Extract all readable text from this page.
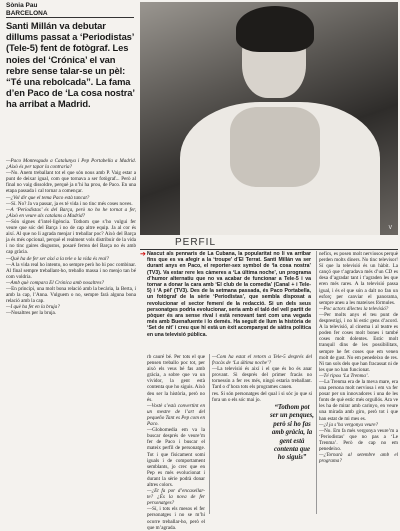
Sònia Pau
BARCELONA
Santi Millán va debutar dillums passat a ‘Periodistas’ (Tele-5) fent de fotògraf. Les noies del ‘Crónica’ el van rebre sense talar-se un pèl: “Té una rebolcada”. La fama d’en Paco de ‘La cosa nostra’ ha arribat a Madrid.

—Paco Montesgudo a Catalunya i Pep Portabella a Madrid. ¿Això és per tapar la contraria?

—No. Anem treballant tot el que són nous amb P. Vaig estar a punt de deixar igual, com que tornava a ser fotògraf... Però al final no vaig dissoldre, perquè ja n’hi ha prou, de Paco. En una etapa passada i cal tornar a començar.

—¿Vol dir que el tema Paco està tancat?

—Sí. No? Ja va passar, ja es té vida i no tinc més coses noves.

—A ‘Periodistas’ és del Barça, però no ho he tornat a fer, ¿Això en veure als catalans a Madrid?

—Són signes d’intel·ligència. Tothom que s’ho vulgui fer veure que sóc del Barça i no de cap altre equip. Ja al cor és així. Al que no li agrada menjar i treballar poc? Això del Barça ja és més opcional, perquè el realment vols distribuir de la vida i no tinc gaires disgustos, posaré ferrea del Barça no és amb cap gràcia.

—Què ha de fer ser així a la tele o la vida és real?

—A la vida real ho intento, no sempre però ho hi poc combinar. Al final sempre treballant-ho, treballo massa i no menjo tan bé com voldria.

—Amb què compara El Crónica amb nosaltres?

—En principi, una molt bona relació amb la becària, la Berta, i amb la cap, l’Anna. Vulguem o no, sempre farà alguna bona relació amb la cap.

—I què ha fet en la bruja?

—Nosaltres per la bruja.

V
PERFIL
➔ Nascut als pennaris de La Cubana, la popularitat no li va arribar fins que es va afegir a la ‘troupe’ d’El Terrat. Santi Millán va ser durant anys en Paco, el reporter-sex symbol de ‘la cosa nostra’ (TV3). Va estar rere les càmeres a ‘La última noche’, un programa d’humor alternatiu que no va acabar de funcionar a Tele-5 i va tornar a donar la cara amb ‘El club de la comedia’ (Canal + i Tele-5) i ‘A pèl’ (TV3). Des de la setmana passada, és Paco Portabella, un fotògraf de la sèrie ‘Periodistas’, que sembla disposat a revolucionar el sector femení de la redacció. Si un dels seus personatges podria evolucionar, seria amb el taló del vell partit de pòquer és ara sense rival i està renovant tant com una vegada més amb Buenafuente i lo demés. Ha seguit de llum la història de ‘Set de nit’ i creu que hi està un èxit acompanyat de sàtira política en una televisió pública.

rb cauré bé. Per tots el que pensen treballo poc tot, per això els veus bé fas amb gràcia, a sobre que va un vividor, la gent està contenta que ho siguis. Això deu ser la història, però no és.

—Vostè s’està convertint en un mestre de l’art del pequeño Tant es Pep com en Paco.

—Globomedia em va la buscar després de veure’m fer de Paco i buscar el mateix perfil de personatge. Tot i que físicament somi iguals i de comportament semblants, jo crec que en Pep es més evolucionat i durant la sèrie podrà donar altres colors.

—¿Et fa por d’encasellar-te? ¿És la nova de fer personatges?

—Sí, i tots els mesos el fer personatges i no se m’hi ocorre treballar-ho, però el que m’agrada.

—Com ha estat el retorn a Tele-5 després del fracàs de ‘La última noche’?

—La televisió és així i el que és bo és anar provant. Si després del primer fracàs no tornessin a fer res més, ningú estaria treballant. Tard o d’hora tots els programes cauen.

res. Si són personatges del qual i si sóc jo que si fora un o els sóc mai jo.

“Tothom pot ser un penques, però si ho fas amb gràcia, la gent està contenta que ho siguis”

nefics, es posen molt nerviosos perquè perden molts diners. No tinc televisor! Sí que la televisió és un hàbit. La cançó que t’agradava més d’un CD es desa d’agradar tant i t’agraden les que eren més rares. A la televisió passa igual, i és el que són a dalt no fan un esforç per canviar el panorama, sempre aneu a les mateixes fórmules.

—Poc actors dilectes la televisió?

—Per molts anys el teu punt de desprestigi, i no hi estic gens d’acord. A la televisió, al cinema i al teatre es poden fer coses molt bones i també coses molt dolentes. Estic molt tranquil dins de les possibilitats, sempre he fet coses que em venen molt de gust. No em penedeixo de res. Ni tan sols dels que han fracassat ni de les que no han funcionat.

—Té ripou ‘La Trenma’.

—La Trenma era de la meva mare, era una persona molt nerviosa i em va fer posar per un innovadores i una de les fonts de què estic més orgullós. Ara ve les ha de mirar amb carinyo, en veure una mirada amb giro, però tot i que han estat de mi mes es.

—¿I ja s’ha vergonya veure?

—No. Em fa més vergonya veure’m a ‘Periodistas’ que no pas a ‘Le Trenma’. Però de cap no em penedeixo.

—¿Tornarà al setembre amb el programa?
